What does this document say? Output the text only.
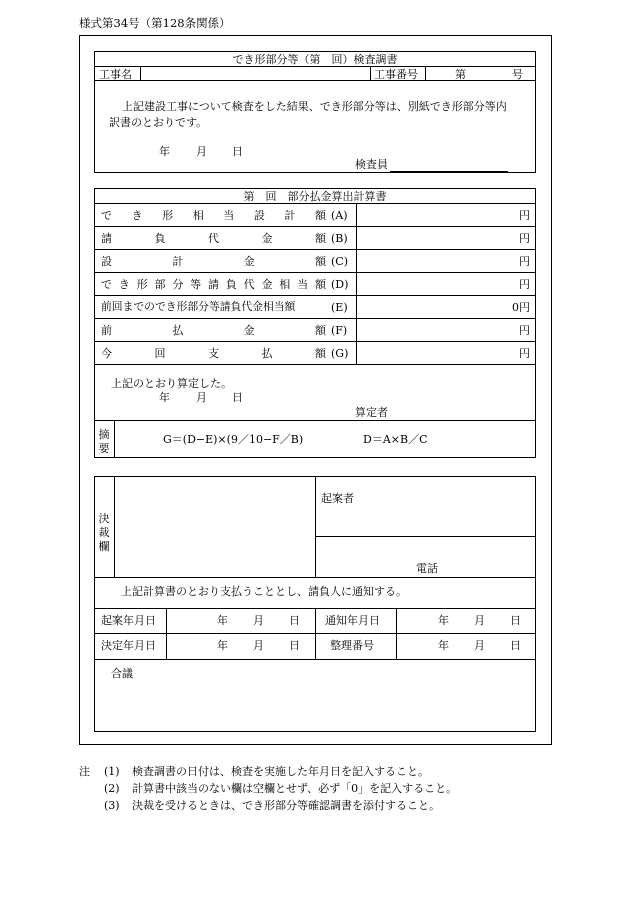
様式第34号（第128条関係）
でき形部分等（第　回）検査調書
工事名	工事番号	第	号
上記建設工事について検査をした結果、でき形部分等は、別紙でき形部分等内
訳書のとおりです。
年 月 日
検査員
第　回　部分払金算出計算書
で き 形 相 当 設 計 額 (A)	円
請	負	代	金	額 (B)	円
設	計	金	額 (C)	円
で き 形 部 分 等 請 負 代 金 相 当 額 (D)	円
前回までのでき形部分等請負代金相当額	(E)	0円
前	払	金	額 (F)	円
今	回	支	払	額 (G)	円
上記のとおり算定した。
年 月 日
算定者
摘要
G＝(D−E)×(9／10−F／B)	D＝A×B／C
決裁欄
起案者
電話
上記計算書のとおり支払うこととし、請負人に通知する。
起案年月日	年 月 日 通知年月日	年 月 日
決定年月日	年 月 日	整理番号	年 月 日
合議
注 (1) 検査調書の日付は、検査を実施した年月日を記入すること。
(2) 計算書中該当のない欄は空欄とせず、必ず「0」を記入すること。
(3) 決裁を受けるときは、でき形部分等確認調書を添付すること。
